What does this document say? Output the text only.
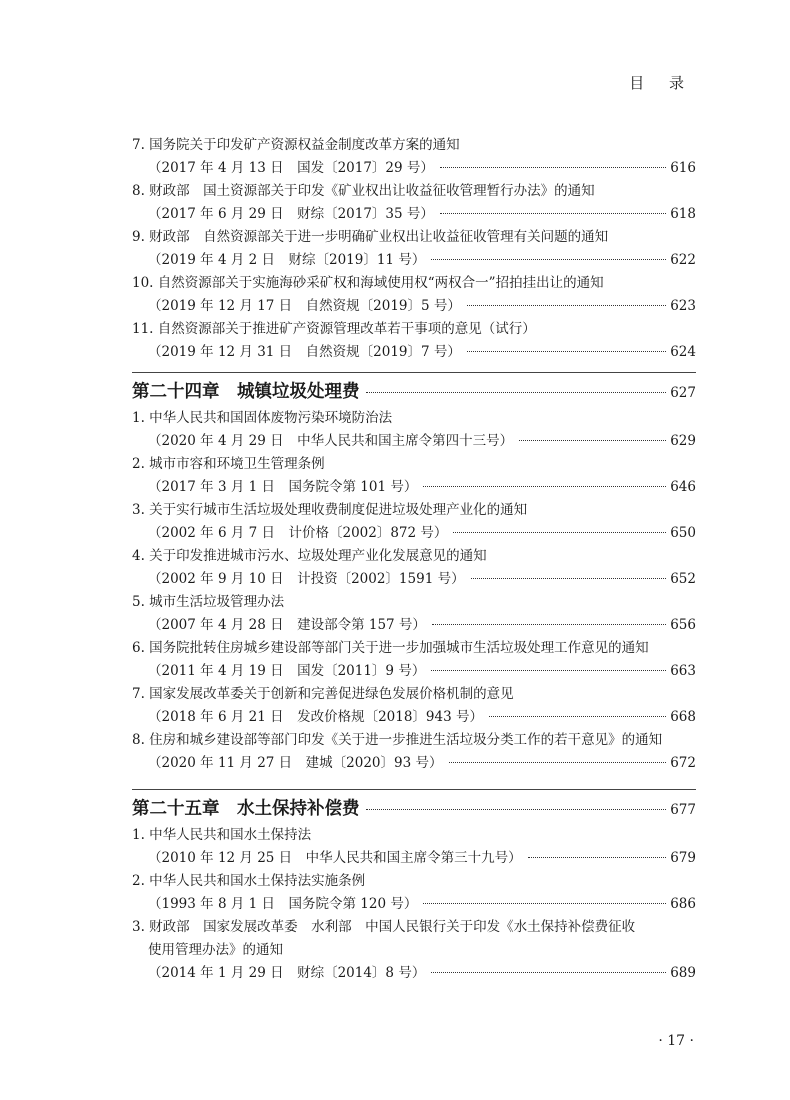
目 录
7. 国务院关于印发矿产资源权益金制度改革方案的通知
（2017 年 4 月 13 日　国发〔2017〕29 号）	616
8. 财政部　国土资源部关于印发《矿业权出让收益征收管理暂行办法》的通知
（2017 年 6 月 29 日　财综〔2017〕35 号）	618
9. 财政部　自然资源部关于进一步明确矿业权出让收益征收管理有关问题的通知
（2019 年 4 月 2 日　财综〔2019〕11 号）	622
10. 自然资源部关于实施海砂采矿权和海域使用权“两权合一”招拍挂出让的通知
（2019 年 12 月 17 日　自然资规〔2019〕5 号）	623
11. 自然资源部关于推进矿产资源管理改革若干事项的意见（试行）
（2019 年 12 月 31 日　自然资规〔2019〕7 号）	624
第二十四章　城镇垃圾处理费	627
1. 中华人民共和国固体废物污染环境防治法
（2020 年 4 月 29 日　中华人民共和国主席令第四十三号）	629
2. 城市市容和环境卫生管理条例
（2017 年 3 月 1 日　国务院令第 101 号）	646
3. 关于实行城市生活垃圾处理收费制度促进垃圾处理产业化的通知
（2002 年 6 月 7 日　计价格〔2002〕872 号）	650
4. 关于印发推进城市污水、垃圾处理产业化发展意见的通知
（2002 年 9 月 10 日　计投资〔2002〕1591 号）	652
5. 城市生活垃圾管理办法
（2007 年 4 月 28 日　建设部令第 157 号）	656
6. 国务院批转住房城乡建设部等部门关于进一步加强城市生活垃圾处理工作意见的通知
（2011 年 4 月 19 日　国发〔2011〕9 号）	663
7. 国家发展改革委关于创新和完善促进绿色发展价格机制的意见
（2018 年 6 月 21 日　发改价格规〔2018〕943 号）	668
8. 住房和城乡建设部等部门印发《关于进一步推进生活垃圾分类工作的若干意见》的通知
（2020 年 11 月 27 日　建城〔2020〕93 号）	672
第二十五章　水土保持补偿费	677
1. 中华人民共和国水土保持法
（2010 年 12 月 25 日　中华人民共和国主席令第三十九号）	679
2. 中华人民共和国水土保持法实施条例
（1993 年 8 月 1 日　国务院令第 120 号）	686
3. 财政部　国家发展改革委　水利部　中国人民银行关于印发《水土保持补偿费征收
使用管理办法》的通知
（2014 年 1 月 29 日　财综〔2014〕8 号）	689
· 17 ·
